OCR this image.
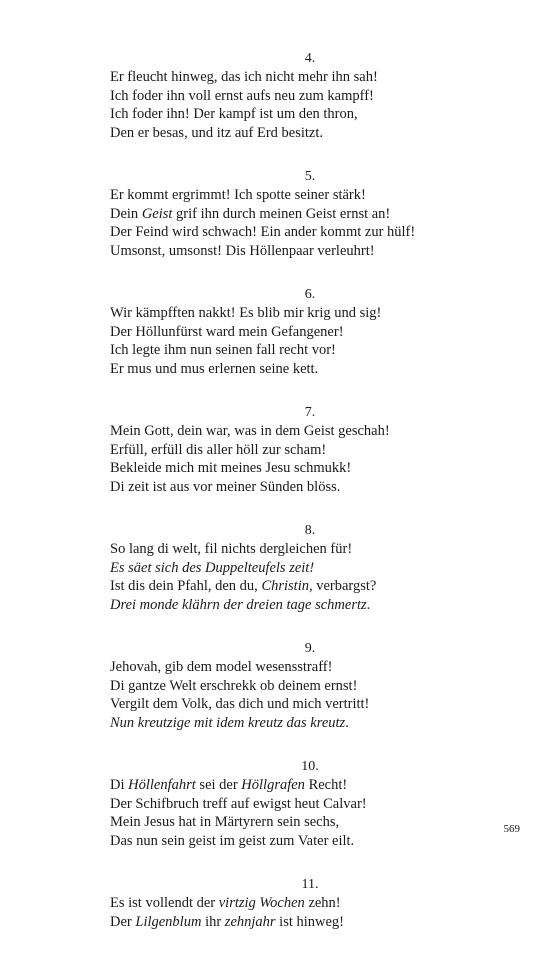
4.
Er fleucht hinweg, das ich nicht mehr ihn sah!
Ich foder ihn voll ernst aufs neu zum kampff!
Ich foder ihn! Der kampf ist um den thron,
Den er besas, und itz auf Erd besitzt.
5.
Er kommt ergrimmt! Ich spotte seiner stärk!
Dein Geist grif ihn durch meinen Geist ernst an!
Der Feind wird schwach! Ein ander kommt zur hülf!
Umsonst, umsonst! Dis Höllenpaar verleuhrt!
6.
Wir kämpfften nakkt! Es blib mir krig und sig!
Der Höllunfürst ward mein Gefangener!
Ich legte ihm nun seinen fall recht vor!
Er mus und mus erlernen seine kett.
7.
Mein Gott, dein war, was in dem Geist geschah!
Erfüll, erfüll dis aller höll zur scham!
Bekleide mich mit meines Jesu schmukk!
Di zeit ist aus vor meiner Sünden blöss.
8.
So lang di welt, fil nichts dergleichen für!
Es säet sich des Duppelteufels zeit!
Ist dis dein Pfahl, den du, Christin, verbargst?
Drei monde klährn der dreien tage schmertz.
9.
Jehovah, gib dem model wesensstraff!
Di gantze Welt erschrekk ob deinem ernst!
Vergilt dem Volk, das dich und mich vertritt!
Nun kreutzige mit idem kreutz das kreutz.
10.
Di Höllenfahrt sei der Höllgrafen Recht!
Der Schifbruch treff auf ewigst heut Calvar!
Mein Jesus hat in Märtyrern sein sechs,
Das nun sein geist im geist zum Vater eilt.
11.
Es ist vollendt der virtzig Wochen zehn!
Der Lilgenblum ihr zehnjahr ist hinweg!
569
